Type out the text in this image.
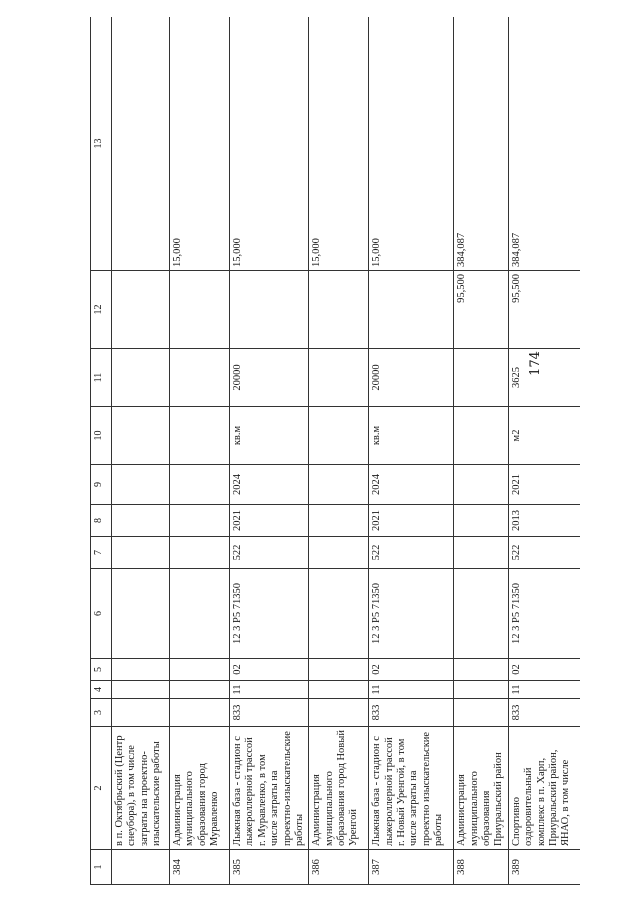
174
1	2	3	4	5	6	7	8	9	10	11	12	13
	в п. Октябрьский (Центр снеубора), в том числе затраты на проектно-изыскательские работы											
384	Администрация муниципального образования город Муравленко											15,000
385	Лыжная база - стадион с лыжероллерной трассой г. Муравленко, в том числе затраты на проектно-изыскательские работы	833	11	02	12 3 P5 71350	522	2021	2024	кв.м	20000		15,000
386	Администрация муниципального образования город Новый Уренгой											15,000
387	Лыжная база - стадион с лыжероллерной трассой г. Новый Уренгой, в том числе затраты на проектно изыскательские работы	833	11	02	12 3 P5 71350	522	2021	2024	кв.м	20000		15,000
388	Администрация муниципального образования Приуральский район										95,500	384,087
389	Спортивно оздоровительный комплекс в п. Харп, Приуральский район, ЯНАО, в том числе	833	11	02	12 3 P5 71350	522	2013	2021	м2	3625	95,500	384,087
